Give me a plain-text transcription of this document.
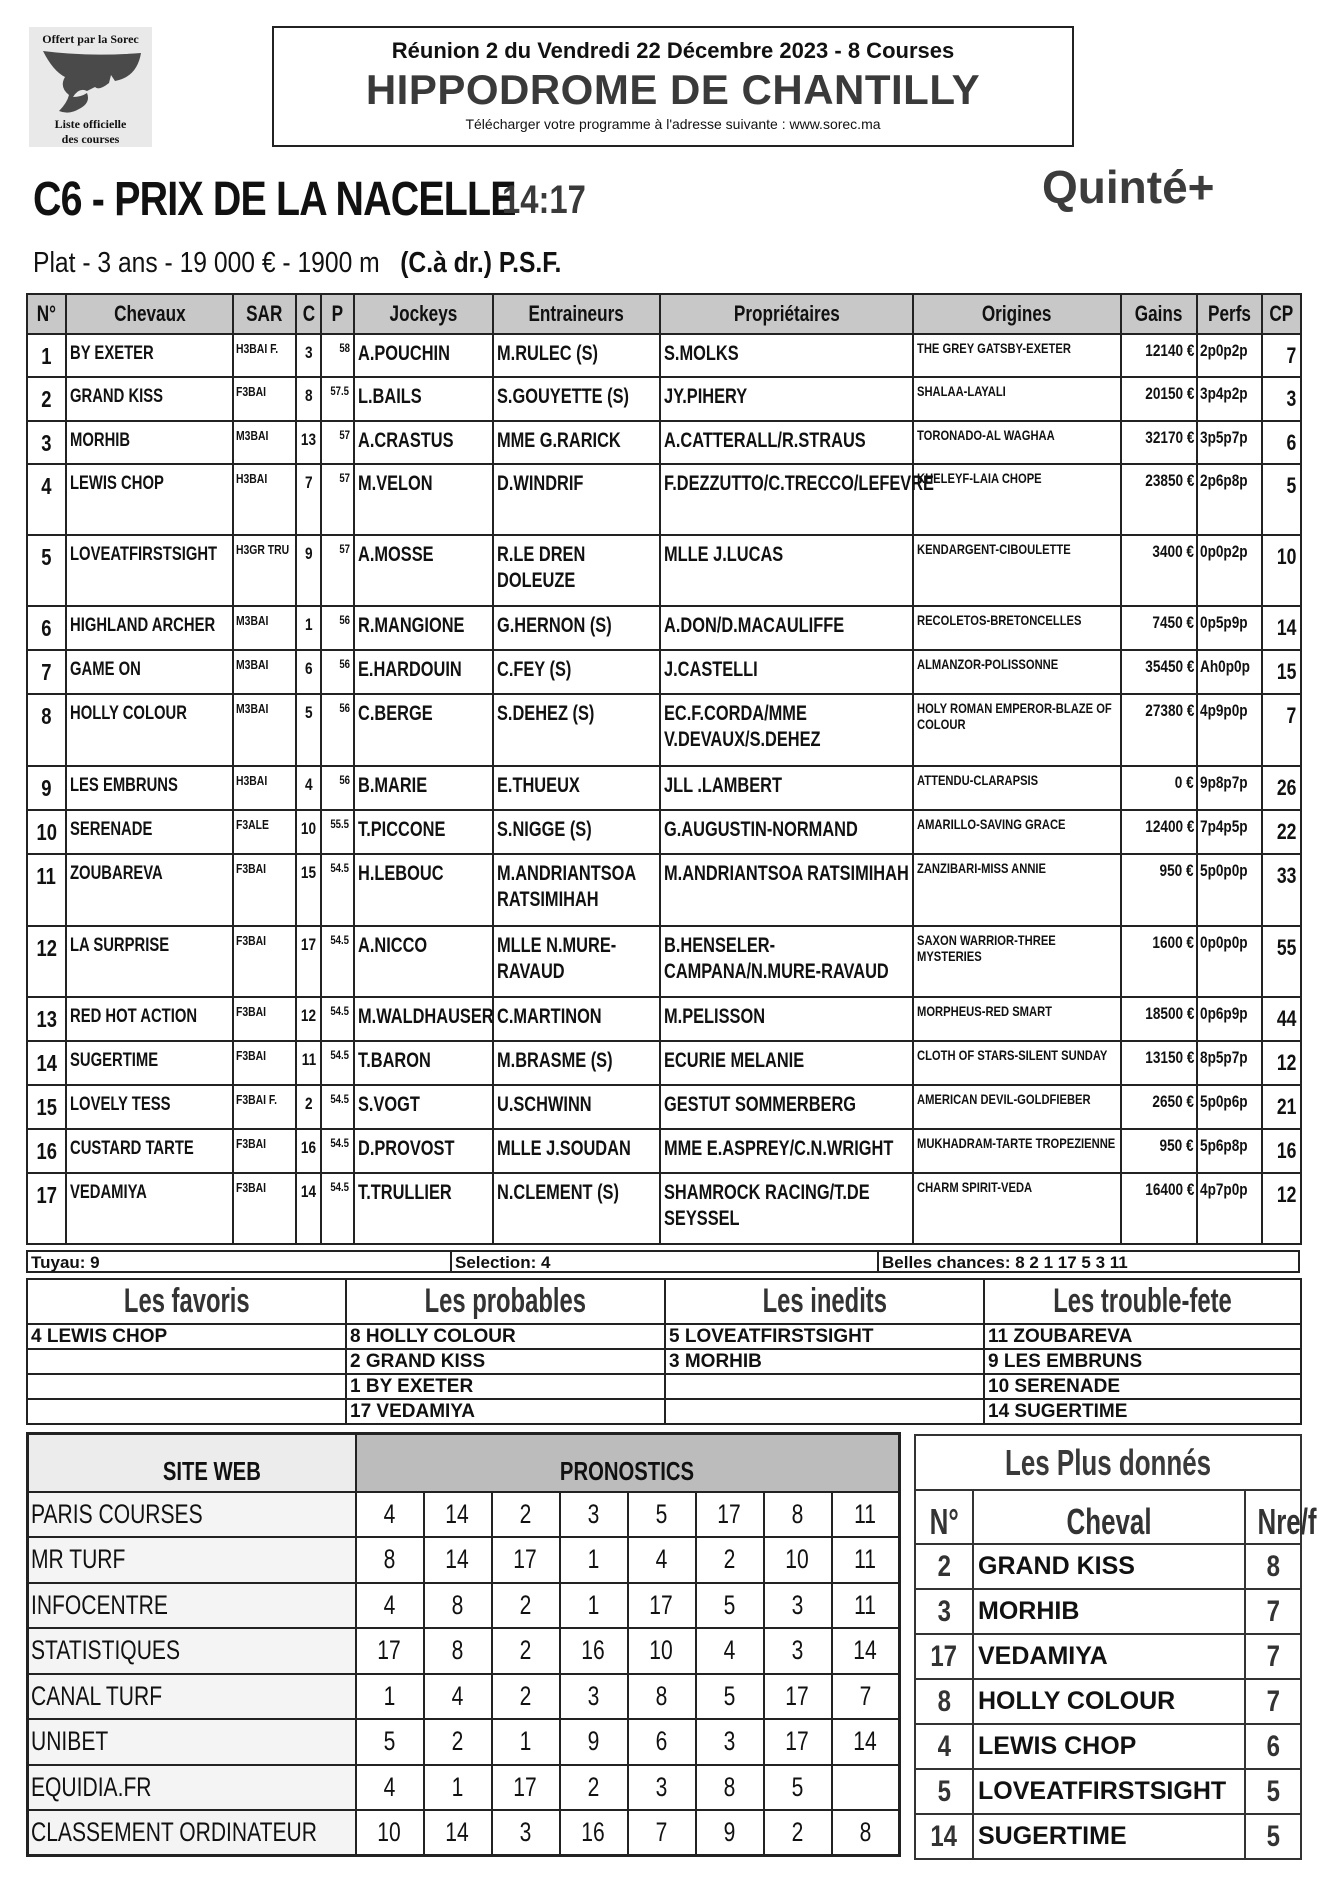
Offert par la Sorec
Liste officielle
des courses
Réunion 2 du Vendredi 22 Décembre 2023 - 8 Courses
HIPPODROME DE CHANTILLY
Télécharger votre programme à l'adresse suivante : www.sorec.ma
C6 - PRIX DE LA NACELLE
14:17	Quinté+
Plat - 3 ans - 19 000 € - 1900 m (C.à dr.) P.S.F.
N°	Chevaux	SAR	C	P	Jockeys	Entraineurs	Propriétaires	Origines	Gains	Perfs	CP
1	BY EXETER	H3BAI F.	3	58	A.POUCHIN	M.RULEC (S)	S.MOLKS	THE GREY GATSBY-EXETER	12140 €	2p0p2p	7
2	GRAND KISS	F3BAI	8	57.5	L.BAILS	S.GOUYETTE (S)	JY.PIHERY	SHALAA-LAYALI	20150 €	3p4p2p	3
3	MORHIB	M3BAI	13	57	A.CRASTUS	MME G.RARICK	A.CATTERALL/R.STRAUS	TORONADO-AL WAGHAA	32170 €	3p5p7p	6
4	LEWIS CHOP	H3BAI	7	57	M.VELON	D.WINDRIF	F.DEZZUTTO/C.TRECCO/LEFEVRE	KHELEYF-LAIA CHOPE	23850 €	2p6p8p	5
5	LOVEATFIRSTSIGHT	H3GR TRU	9	57	A.MOSSE	R.LE DREN DOLEUZE	MLLE J.LUCAS	KENDARGENT-CIBOULETTE	3400 €	0p0p2p	10
6	HIGHLAND ARCHER	M3BAI	1	56	R.MANGIONE	G.HERNON (S)	A.DON/D.MACAULIFFE	RECOLETOS-BRETONCELLES	7450 €	0p5p9p	14
7	GAME ON	M3BAI	6	56	E.HARDOUIN	C.FEY (S)	J.CASTELLI	ALMANZOR-POLISSONNE	35450 €	Ah0p0p	15
8	HOLLY COLOUR	M3BAI	5	56	C.BERGE	S.DEHEZ (S)	EC.F.CORDA/MME V.DEVAUX/S.DEHEZ	HOLY ROMAN EMPEROR-BLAZE OF COLOUR	27380 €	4p9p0p	7
9	LES EMBRUNS	H3BAI	4	56	B.MARIE	E.THUEUX	JLL .LAMBERT	ATTENDU-CLARAPSIS	0 €	9p8p7p	26
10	SERENADE	F3ALE	10	55.5	T.PICCONE	S.NIGGE (S)	G.AUGUSTIN-NORMAND	AMARILLO-SAVING GRACE	12400 €	7p4p5p	22
11	ZOUBAREVA	F3BAI	15	54.5	H.LEBOUC	M.ANDRIANTSOA RATSIMIHAH	M.ANDRIANTSOA RATSIMIHAH	ZANZIBARI-MISS ANNIE	950 €	5p0p0p	33
12	LA SURPRISE	F3BAI	17	54.5	A.NICCO	MLLE N.MURE-RAVAUD	B.HENSELER-CAMPANA/N.MURE-RAVAUD	SAXON WARRIOR-THREE MYSTERIES	1600 €	0p0p0p	55
13	RED HOT ACTION	F3BAI	12	54.5	M.WALDHAUSER	C.MARTINON	M.PELISSON	MORPHEUS-RED SMART	18500 €	0p6p9p	44
14	SUGERTIME	F3BAI	11	54.5	T.BARON	M.BRASME (S)	ECURIE MELANIE	CLOTH OF STARS-SILENT SUNDAY	13150 €	8p5p7p	12
15	LOVELY TESS	F3BAI F.	2	54.5	S.VOGT	U.SCHWINN	GESTUT SOMMERBERG	AMERICAN DEVIL-GOLDFIEBER	2650 €	5p0p6p	21
16	CUSTARD TARTE	F3BAI	16	54.5	D.PROVOST	MLLE J.SOUDAN	MME E.ASPREY/C.N.WRIGHT	MUKHADRAM-TARTE TROPEZIENNE	950 €	5p6p8p	16
17	VEDAMIYA	F3BAI	14	54.5	T.TRULLIER	N.CLEMENT (S)	SHAMROCK RACING/T.DE SEYSSEL	CHARM SPIRIT-VEDA	16400 €	4p7p0p	12
Tuyau: 9	Selection: 4	Belles chances: 8 2 1 17 5 3 11
Les favoris	Les probables	Les inedits	Les trouble-fete
4 LEWIS CHOP	8 HOLLY COLOUR	5 LOVEATFIRSTSIGHT	11 ZOUBAREVA
	2 GRAND KISS	3 MORHIB	9 LES EMBRUNS
	1 BY EXETER		10 SERENADE
	17 VEDAMIYA		14 SUGERTIME
SITE WEB	PRONOSTICS							
PARIS COURSES	4	14	2	3	5	17	8	11
MR TURF	8	14	17	1	4	2	10	11
INFOCENTRE	4	8	2	1	17	5	3	11
STATISTIQUES	17	8	2	16	10	4	3	14
CANAL TURF	1	4	2	3	8	5	17	7
UNIBET	5	2	1	9	6	3	17	14
EQUIDIA.FR	4	1	17	2	3	8	5	
CLASSEMENT ORDINATEUR	10	14	3	16	7	9	2	8
Les Plus donnés		
N°	Cheval	Nre/f
2	GRAND KISS	8
3	MORHIB	7
17	VEDAMIYA	7
8	HOLLY COLOUR	7
4	LEWIS CHOP	6
5	LOVEATFIRSTSIGHT	5
14	SUGERTIME	5
